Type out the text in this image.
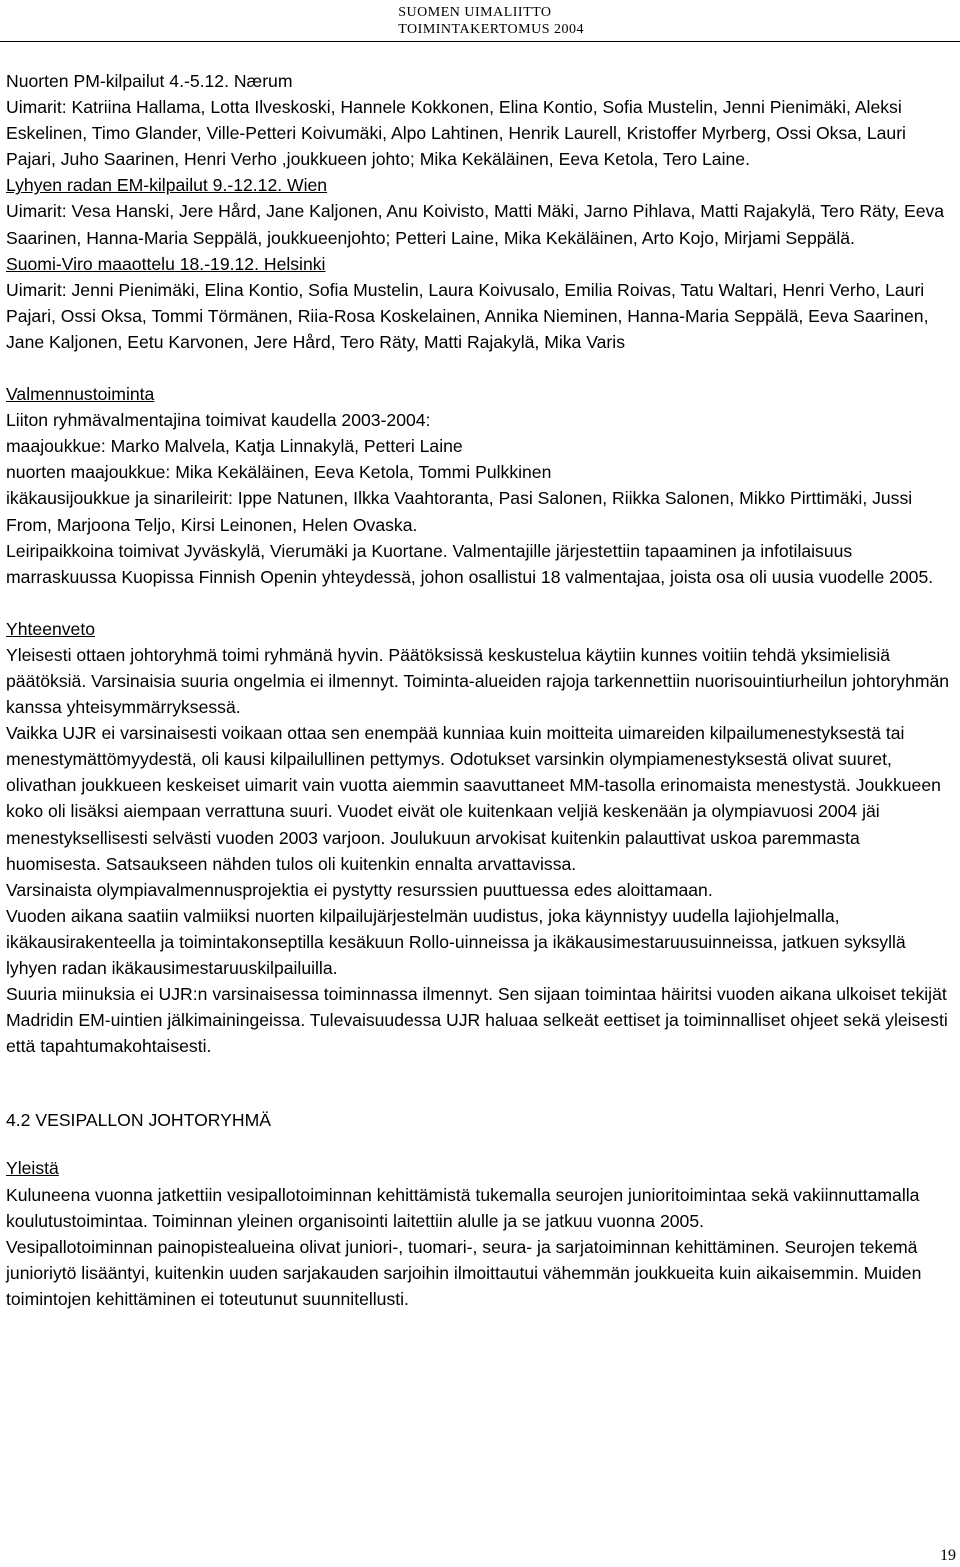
SUOMEN UIMALIITTO
TOIMINTAKERTOMUS 2004

Nuorten PM-kilpailut 4.-5.12. Nærum

Uimarit: Katriina Hallama, Lotta Ilveskoski, Hannele Kokkonen, Elina Kontio, Sofia Mustelin, Jenni Pienimäki, Aleksi Eskelinen, Timo Glander, Ville-Petteri Koivumäki, Alpo Lahtinen, Henrik Laurell, Kristoffer Myrberg, Ossi Oksa, Lauri Pajari, Juho Saarinen, Henri Verho ,joukkueen johto; Mika Kekäläinen, Eeva Ketola, Tero Laine.

Lyhyen radan EM-kilpailut 9.-12.12. Wien

Uimarit: Vesa Hanski, Jere Hård, Jane Kaljonen, Anu Koivisto, Matti Mäki, Jarno Pihlava, Matti Rajakylä, Tero Räty, Eeva Saarinen, Hanna-Maria Seppälä, joukkueenjohto; Petteri Laine, Mika Kekäläinen, Arto Kojo, Mirjami Seppälä.

Suomi-Viro maaottelu 18.-19.12. Helsinki

Uimarit: Jenni Pienimäki, Elina Kontio, Sofia Mustelin, Laura Koivusalo, Emilia Roivas, Tatu Waltari, Henri Verho, Lauri Pajari, Ossi Oksa, Tommi Törmänen, Riia-Rosa Koskelainen, Annika Nieminen, Hanna-Maria Seppälä, Eeva Saarinen, Jane Kaljonen, Eetu Karvonen, Jere Hård, Tero Räty, Matti Rajakylä, Mika Varis

Valmennustoiminta

Liiton ryhmävalmentajina toimivat kaudella 2003-2004:

maajoukkue: Marko Malvela, Katja Linnakylä, Petteri Laine

nuorten maajoukkue: Mika Kekäläinen, Eeva Ketola, Tommi Pulkkinen

ikäkausijoukkue ja sinarileirit: Ippe Natunen, Ilkka Vaahtoranta, Pasi Salonen, Riikka Salonen, Mikko Pirttimäki, Jussi From, Marjoona Teljo, Kirsi Leinonen, Helen Ovaska.

Leiripaikkoina toimivat Jyväskylä, Vierumäki ja Kuortane. Valmentajille järjestettiin tapaaminen ja infotilaisuus marraskuussa Kuopissa Finnish Openin yhteydessä, johon osallistui 18 valmentajaa, joista osa oli uusia vuodelle 2005.

Yhteenveto

Yleisesti ottaen johtoryhmä toimi ryhmänä hyvin. Päätöksissä keskustelua käytiin kunnes voitiin tehdä yksimielisiä päätöksiä. Varsinaisia suuria ongelmia ei ilmennyt. Toiminta-alueiden rajoja tarkennettiin nuorisouintiurheilun johtoryhmän kanssa yhteisymmärryksessä.

Vaikka UJR ei varsinaisesti voikaan ottaa sen enempää kunniaa kuin moitteita uimareiden kilpailumenestyksestä tai menestymättömyydestä, oli kausi kilpailullinen pettymys. Odotukset varsinkin olympiamenestyksestä olivat suuret, olivathan joukkueen keskeiset uimarit vain vuotta aiemmin saavuttaneet MM-tasolla erinomaista menestystä. Joukkueen koko oli lisäksi aiempaan verrattuna suuri. Vuodet eivät ole kuitenkaan veljiä keskenään ja olympiavuosi 2004 jäi menestyksellisesti selvästi vuoden 2003 varjoon. Joulukuun arvokisat kuitenkin palauttivat uskoa paremmasta huomisesta. Satsaukseen nähden tulos oli kuitenkin ennalta arvattavissa.

Varsinaista olympiavalmennusprojektia ei pystytty resurssien puuttuessa edes aloittamaan.

Vuoden aikana saatiin valmiiksi nuorten kilpailujärjestelmän uudistus, joka käynnistyy uudella lajiohjelmalla, ikäkausirakenteella ja toimintakonseptilla kesäkuun Rollo-uinneissa ja ikäkausimestaruusuinneissa, jatkuen syksyllä lyhyen radan ikäkausimestaruuskilpailuilla.

Suuria miinuksia ei UJR:n varsinaisessa toiminnassa ilmennyt. Sen sijaan toimintaa häiritsi vuoden aikana ulkoiset tekijät Madridin EM-uintien jälkimainingeissa. Tulevaisuudessa UJR haluaa selkeät eettiset ja toiminnalliset ohjeet sekä yleisesti että tapahtumakohtaisesti.

4.2 VESIPALLON JOHTORYHMÄ

Yleistä

Kuluneena vuonna jatkettiin vesipallotoiminnan kehittämistä tukemalla seurojen junioritoimintaa sekä vakiinnuttamalla koulutustoimintaa. Toiminnan yleinen organisointi laitettiin alulle ja se jatkuu vuonna 2005.

Vesipallotoiminnan painopistealueina olivat juniori-, tuomari-, seura- ja sarjatoiminnan kehittäminen. Seurojen tekemä junioriytö lisääntyi, kuitenkin uuden sarjakauden sarjoihin ilmoittautui vähemmän joukkueita kuin aikaisemmin. Muiden toimintojen kehittäminen ei toteutunut suunnitellusti.

19
